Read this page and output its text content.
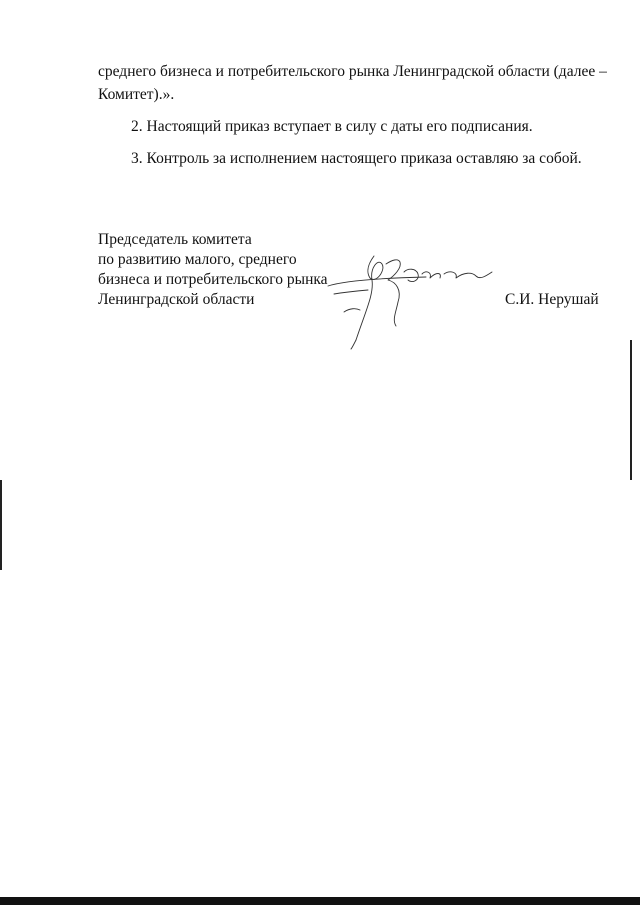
среднего бизнеса и потребительского рынка Ленинградской области (далее –
Комитет).».
2. Настоящий приказ вступает в силу с даты его подписания.
3. Контроль за исполнением настоящего приказа оставляю за собой.
Председатель комитета
по развитию малого, среднего
бизнеса и потребительского рынка
Ленинградской области	С.И. Нерушай
